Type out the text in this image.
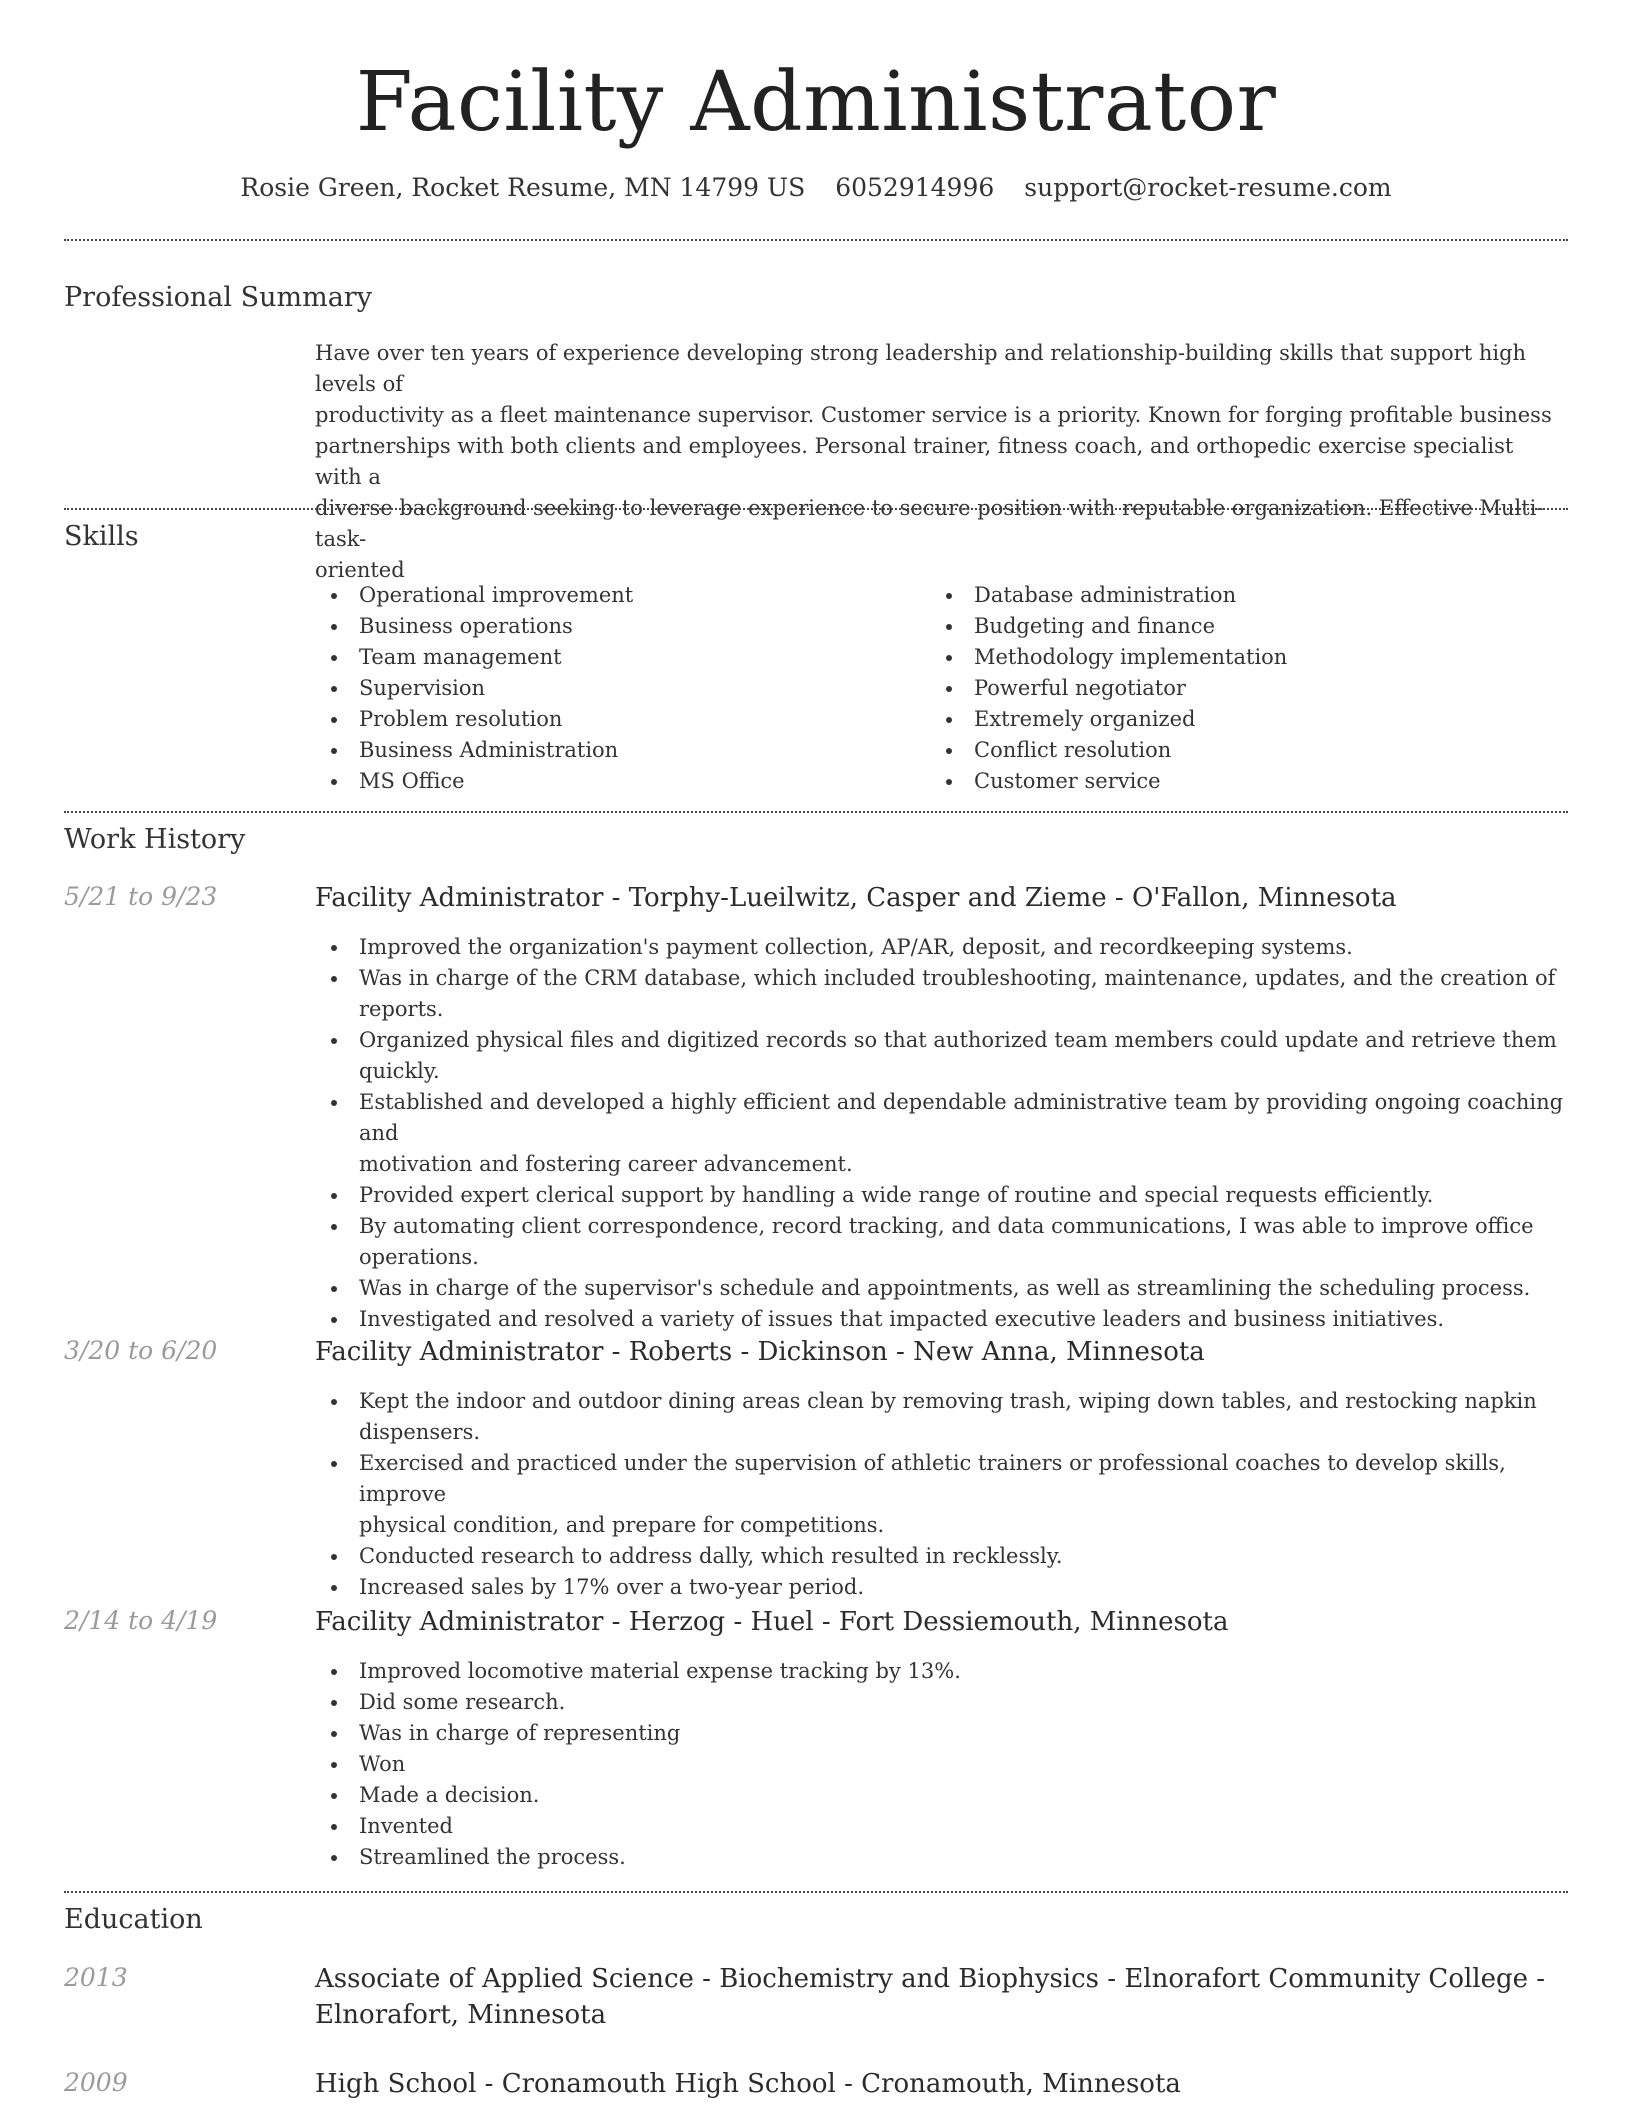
Facility Administrator
Rosie Green, Rocket Resume, MN 14799 US 6052914996 support@rocket-resume.com
Professional Summary
Have over ten years of experience developing strong leadership and relationship-building skills that support high levels of
productivity as a fleet maintenance supervisor. Customer service is a priority. Known for forging profitable business
partnerships with both clients and employees. Personal trainer, fitness coach, and orthopedic exercise specialist with a
diverse background seeking to leverage experience to secure position with reputable organization. Effective Multi-task-
oriented
Skills
Operational improvement
Business operations
Team management
Supervision
Problem resolution
Business Administration
MS Office
Database administration
Budgeting and finance
Methodology implementation
Powerful negotiator
Extremely organized
Conflict resolution
Customer service
Work History
5/21 to 9/23	Facility Administrator - Torphy-Lueilwitz, Casper and Zieme - O'Fallon, Minnesota
Improved the organization's payment collection, AP/AR, deposit, and recordkeeping systems.
Was in charge of the CRM database, which included troubleshooting, maintenance, updates, and the creation of
reports.
Organized physical files and digitized records so that authorized team members could update and retrieve them
quickly.
Established and developed a highly efficient and dependable administrative team by providing ongoing coaching and
motivation and fostering career advancement.
Provided expert clerical support by handling a wide range of routine and special requests efficiently.
By automating client correspondence, record tracking, and data communications, I was able to improve office
operations.
Was in charge of the supervisor's schedule and appointments, as well as streamlining the scheduling process.
Investigated and resolved a variety of issues that impacted executive leaders and business initiatives.
3/20 to 6/20	Facility Administrator - Roberts - Dickinson - New Anna, Minnesota
Kept the indoor and outdoor dining areas clean by removing trash, wiping down tables, and restocking napkin
dispensers.
Exercised and practiced under the supervision of athletic trainers or professional coaches to develop skills, improve
physical condition, and prepare for competitions.
Conducted research to address dally, which resulted in recklessly.
Increased sales by 17% over a two-year period.
2/14 to 4/19	Facility Administrator - Herzog - Huel - Fort Dessiemouth, Minnesota
Improved locomotive material expense tracking by 13%.
Did some research.
Was in charge of representing
Won
Made a decision.
Invented
Streamlined the process.
Education
2013	Associate of Applied Science - Biochemistry and Biophysics - Elnorafort Community College -
Elnorafort, Minnesota
2009	High School - Cronamouth High School - Cronamouth, Minnesota
